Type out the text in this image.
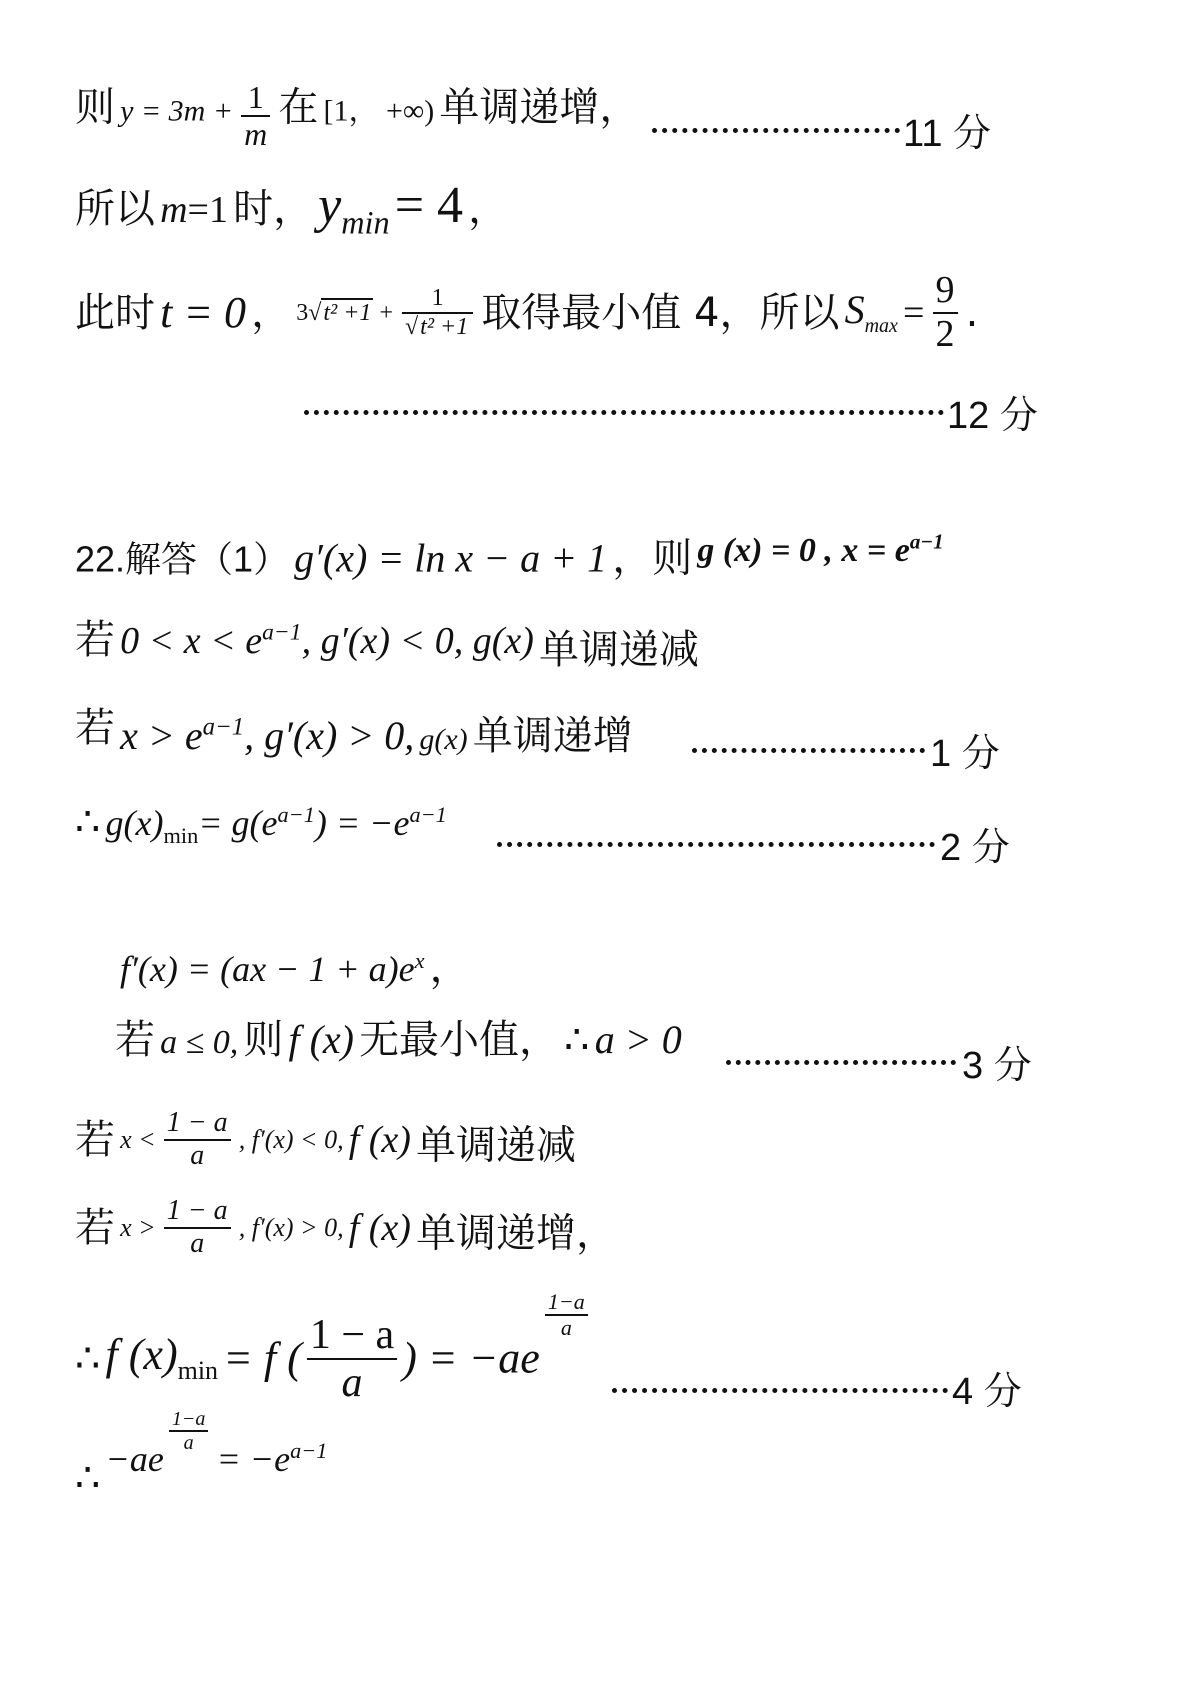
则 $y = 3m + \frac{1}{m}$ 在 [1， +∞) 单调递增，
11 分
所以 m=1 时， $y_{min} = 4$ ，
此时 t = 0 ， $3√t^2 +1 + \frac{1}{\text{√t² +1}}$ 取得最小值 4，所以 $S_{max} = \frac{9}{2}$ .
12 分
22.解答（1） g′(x) = ln x − a + 1 ，则 g (x) = 0 , $x = e^{a-1}$
若 $0 < x < e^{a-1}$, g′(x) < 0, g(x) 单调递减
若 $x > e^{a-1}$, g′(x) > 0, g(x) 单调递增	1 分
∴ $g(x)_{min}= g(e^{a-1}) = -e^{a-1}$
2 分
$f'(x) = (ax - 1 + a)e^x$ ，
若 a ≤ 0, 则 f (x) 无最小值， ∴ a > 0
3 分
若 $x < \frac{1 - a}{a}$ , f′(x) < 0, f (x) 单调递减
若 $x > \frac{1 - a}{a}$ , f′(x) > 0, f (x) 单调递增，
∴ f $(x)_{min} = f$ ( $\frac{1 - a}{a}$ ) = −ae
$\frac{1-a}{a}$
4 分
∴ −ae
$\frac{1-a}{a}$
= $-e^{a-1}$
